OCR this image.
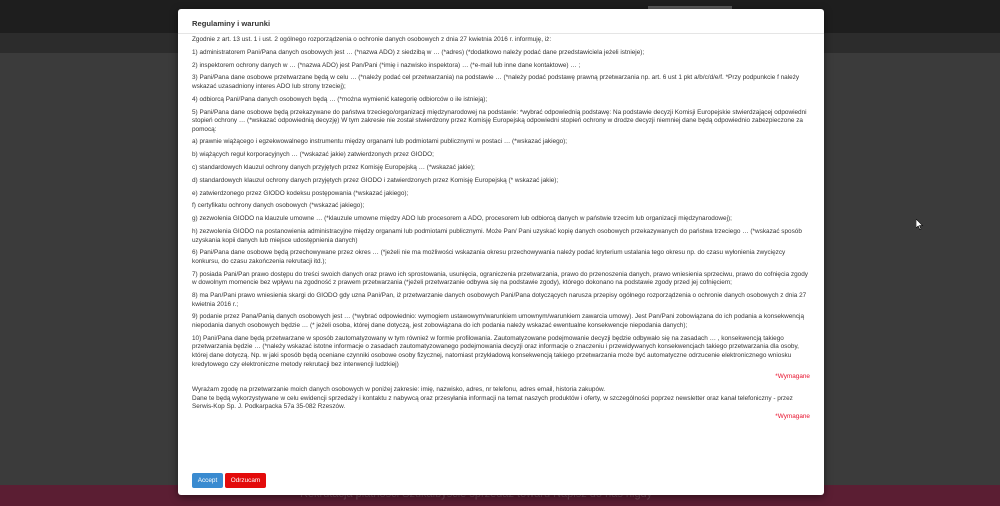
Regulaminy i warunki

Zgodnie z art. 13 ust. 1 i ust. 2 ogólnego rozporządzenia o ochronie danych osobowych z dnia 27 kwietnia 2016 r. informuję, iż:

1) administratorem Pani/Pana danych osobowych jest … (*nazwa ADO) z siedzibą w … (*adres) (*dodatkowo należy podać dane przedstawiciela jeżeli istnieje);

2) inspektorem ochrony danych w … (*nazwa ADO) jest Pan/Pani (*imię i nazwisko inspektora) … (*e-mail lub inne dane kontaktowe) … ;

3) Pani/Pana dane osobowe przetwarzane będą w celu … (*należy podać cel przetwarzania) na podstawie … (*należy podać podstawę prawną przetwarzania np. art. 6 ust 1 pkt a/b/c/d/e/f. *Przy podpunkcie f należy wskazać uzasadniony interes ADO lub strony trzeciej);

4) odbiorcą Pani/Pana danych osobowych będą … (*można wymienić kategorię odbiorców o ile istnieją);

5) Pani/Pana dane osobowe będą przekazywane do państwa trzeciego/organizacji międzynarodowej na podstawie: *wybrać odpowiednią podstawę: Na podstawie decyzji Komisji Europejskie stwierdzającej odpowiedni stopień ochrony … (*wskazać odpowiednią decyzję) W tym zakresie nie został stwierdzony przez Komisję Europejską odpowiedni stopień ochrony w drodze decyzji niemniej dane będą odpowiednio zabezpieczone za pomocą:

a) prawnie wiążącego i egzekwowalnego instrumentu między organami lub podmiotami publicznymi w postaci … (*wskazać jakiego);

b) wiążących reguł korporacyjnych … (*wskazać jakie) zatwierdzonych przez GIODO;

c) standardowych klauzul ochrony danych przyjętych przez Komisję Europejską … (*wskazać jakie);

d) standardowych klauzul ochrony danych przyjętych przez GIODO i zatwierdzonych przez Komisję Europejską (* wskazać jakie);

e) zatwierdzonego przez GIODO kodeksu postępowania (*wskazać jakiego);

f) certyfikatu ochrony danych osobowych (*wskazać jakiego);

g) zezwolenia GIODO na klauzule umowne … (*klauzule umowne między ADO lub procesorem a ADO, procesorem lub odbiorcą danych w państwie trzecim lub organizacji międzynarodowej);

h) zezwolenia GIODO na postanowienia administracyjne między organami lub podmiotami publicznymi. Może Pan/ Pani uzyskać kopię danych osobowych przekazywanych do państwa trzeciego … (*wskazać sposób uzyskania kopii danych lub miejsce udostępnienia danych)

6) Pani/Pana dane osobowe będą przechowywane przez okres … (*jeżeli nie ma możliwości wskazania okresu przechowywania należy podać kryterium ustalania tego okresu np. do czasu wyłonienia zwycięzcy konkursu, do czasu zakończenia rekrutacji itd.);

7) posiada Pani/Pan prawo dostępu do treści swoich danych oraz prawo ich sprostowania, usunięcia, ograniczenia przetwarzania, prawo do przenoszenia danych, prawo wniesienia sprzeciwu, prawo do cofnięcia zgody w dowolnym momencie bez wpływu na zgodność z prawem przetwarzania (*jeżeli przetwarzanie odbywa się na podstawie zgody), którego dokonano na podstawie zgody przed jej cofnięciem;

8) ma Pan/Pani prawo wniesienia skargi do GIODO gdy uzna Pani/Pan, iż przetwarzanie danych osobowych Pani/Pana dotyczących narusza przepisy ogólnego rozporządzenia o ochronie danych osobowych z dnia 27 kwietnia 2016 r.;

9) podanie przez Pana/Panią danych osobowych jest … (*wybrać odpowiednio: wymogiem ustawowym/warunkiem umownym/warunkiem zawarcia umowy). Jest Pan/Pani zobowiązana do ich podania a konsekwencją niepodania danych osobowych będzie … (* jeżeli osoba, której dane dotyczą, jest zobowiązana do ich podania należy wskazać ewentualne konsekwencje niepodania danych);

10) Pani/Pana dane będą przetwarzane w sposób zautomatyzowany w tym również w formie profilowania. Zautomatyzowane podejmowanie decyzji będzie odbywało się na zasadach … , konsekwencją takiego przetwarzania będzie … (*należy wskazać istotne informacje o zasadach zautomatyzowanego podejmowania decyzji oraz informacje o znaczeniu i przewidywanych konsekwencjach takiego przetwarzania dla osoby, której dane dotyczą. Np. w jaki sposób będą oceniane czynniki osobowe osoby fizycznej, natomiast przykładową konsekwencją takiego przetwarzania może być automatyczne odrzucenie elektronicznego wniosku kredytowego czy elektroniczne metody rekrutacji bez interwencji ludzkiej)

*Wymagane

Wyrażam zgodę na przetwarzanie moich danych osobowych w poniżej zakresie: imię, nazwisko, adres, nr telefonu, adres email, historia zakupów.

Dane te będą wykorzystywane w celu ewidencji sprzedaży i kontaktu z nabywcą oraz przesyłania informacji na temat naszych produktów i oferty, w szczególności poprzez newsletter oraz kanał telefoniczny - przez Serwis-Kop Sp. J. Podkarpacka 57a 35-082 Rzeszów.

*Wymagane
Accept	Odrzucam
